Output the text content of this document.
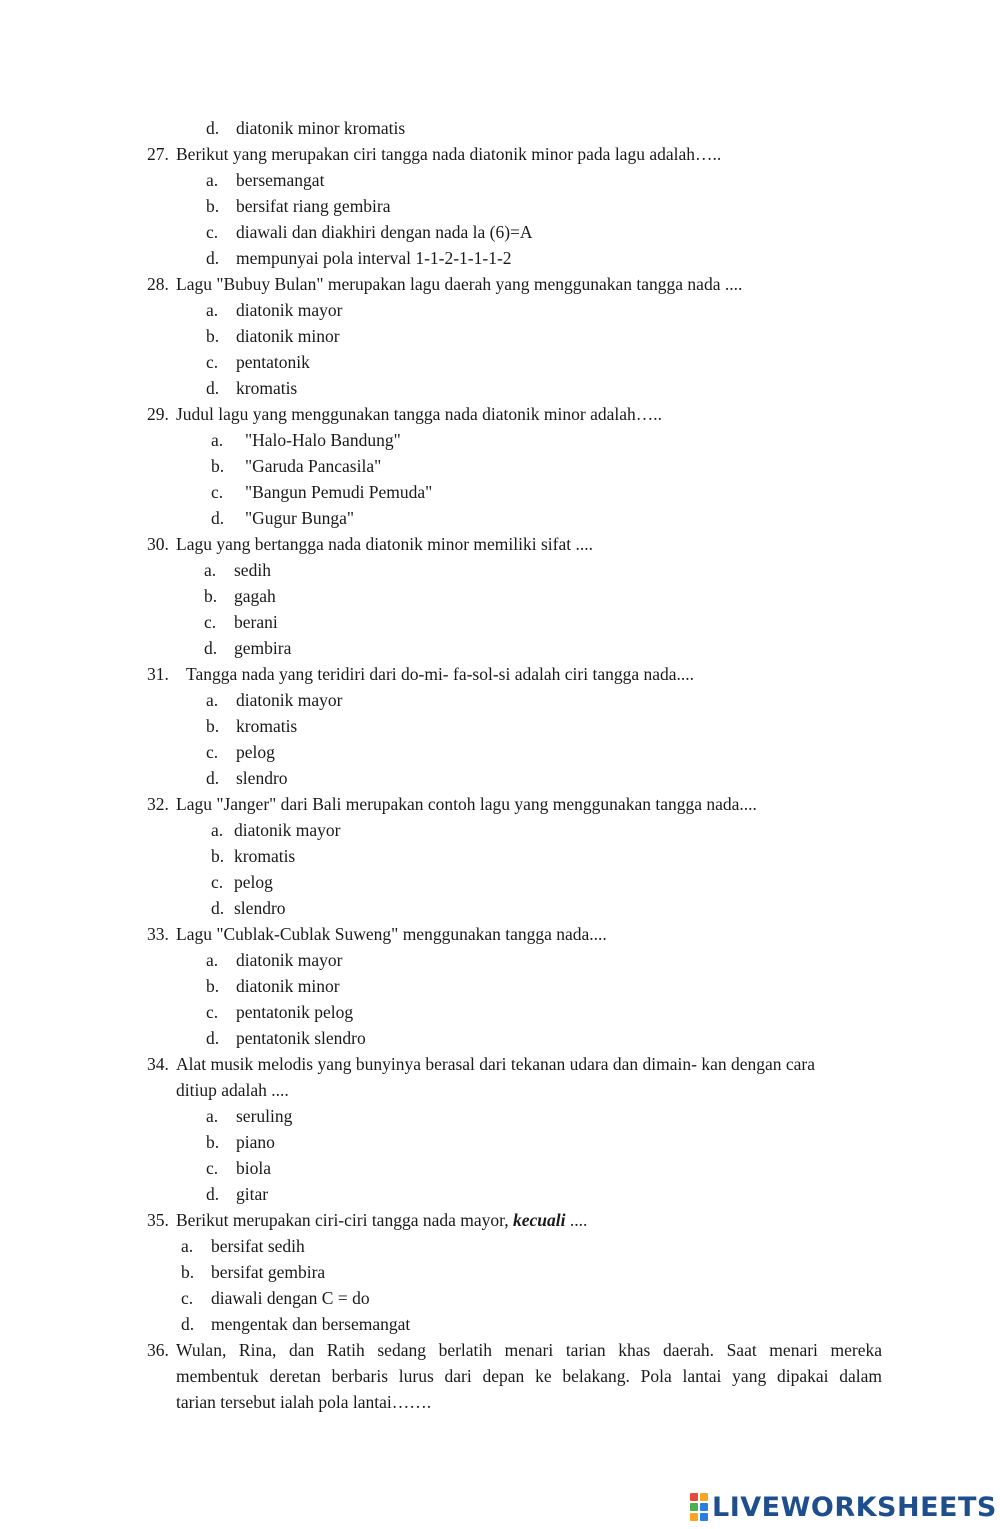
d. diatonik minor kromatis
27. Berikut yang merupakan ciri tangga nada diatonik minor pada lagu adalah…..
a. bersemangat
b. bersifat riang gembira
c. diawali dan diakhiri dengan nada la (6)=A
d. mempunyai pola interval 1-1-2-1-1-1-2
28. Lagu "Bubuy Bulan" merupakan lagu daerah yang menggunakan tangga nada ....
a. diatonik mayor
b. diatonik minor
c. pentatonik
d. kromatis
29. Judul lagu yang menggunakan tangga nada diatonik minor adalah…..
a. "Halo-Halo Bandung"
b. "Garuda Pancasila"
c. "Bangun Pemudi Pemuda"
d. "Gugur Bunga"
30. Lagu yang bertangga nada diatonik minor memiliki sifat ....
a. sedih
b. gagah
c. berani
d. gembira
31. Tangga nada yang teridiri dari do-mi- fa-sol-si adalah ciri tangga nada....
a. diatonik mayor
b. kromatis
c. pelog
d. slendro
32. Lagu "Janger" dari Bali merupakan contoh lagu yang menggunakan tangga nada....
a. diatonik mayor
b. kromatis
c. pelog
d. slendro
33. Lagu "Cublak-Cublak Suweng" menggunakan tangga nada....
a. diatonik mayor
b. diatonik minor
c. pentatonik pelog
d. pentatonik slendro
34. Alat musik melodis yang bunyinya berasal dari tekanan udara dan dimain- kan dengan cara
ditiup adalah ....
a. seruling
b. piano
c. biola
d. gitar
35. Berikut merupakan ciri-ciri tangga nada mayor, kecuali ....
a. bersifat sedih
b. bersifat gembira
c. diawali dengan C = do
d. mengentak dan bersemangat
36. Wulan, Rina, dan Ratih sedang berlatih menari tarian khas daerah. Saat menari mereka
membentuk deretan berbaris lurus dari depan ke belakang. Pola lantai yang dipakai dalam
tarian tersebut ialah pola lantai…….
LIVEWORKSHEETS
